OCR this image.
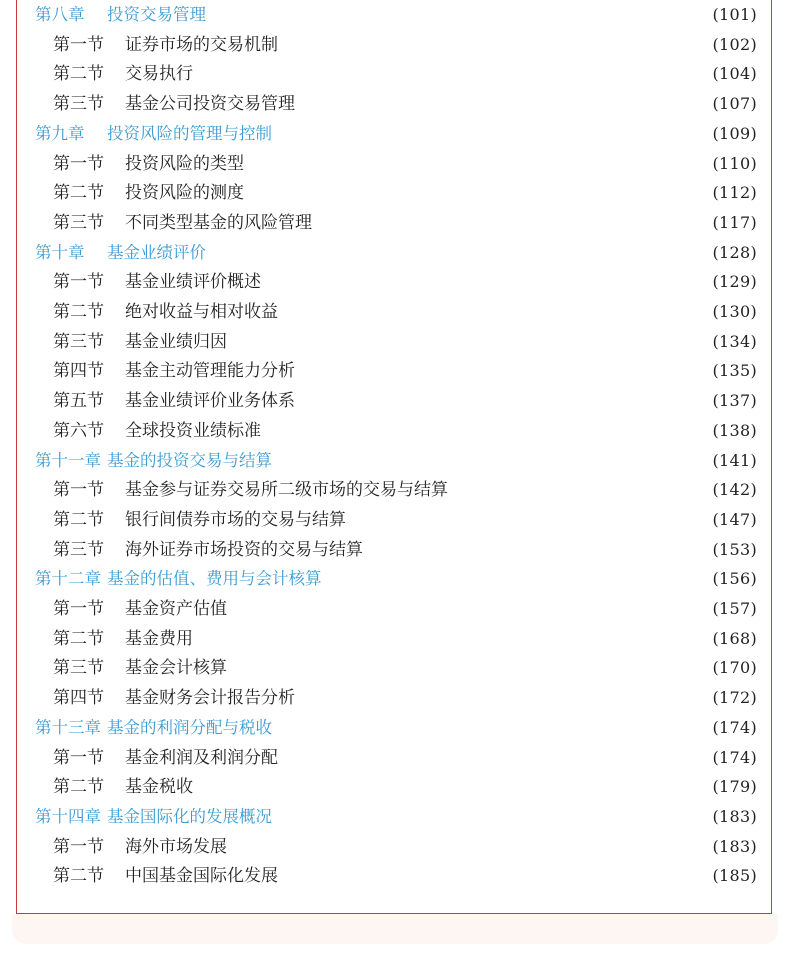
第八章	投资交易管理	(101)
第一节	证券市场的交易机制	(102)
第二节	交易执行	(104)
第三节	基金公司投资交易管理	(107)
第九章	投资风险的管理与控制	(109)
第一节	投资风险的类型	(110)
第二节	投资风险的测度	(112)
第三节	不同类型基金的风险管理	(117)
第十章	基金业绩评价	(128)
第一节	基金业绩评价概述	(129)
第二节	绝对收益与相对收益	(130)
第三节	基金业绩归因	(134)
第四节	基金主动管理能力分析	(135)
第五节	基金业绩评价业务体系	(137)
第六节	全球投资业绩标准	(138)
第十一章 基金的投资交易与结算	(141)
第一节	基金参与证券交易所二级市场的交易与结算	(142)
第二节	银行间债券市场的交易与结算	(147)
第三节	海外证券市场投资的交易与结算	(153)
第十二章 基金的估值、费用与会计核算	(156)
第一节	基金资产估值	(157)
第二节	基金费用	(168)
第三节	基金会计核算	(170)
第四节	基金财务会计报告分析	(172)
第十三章 基金的利润分配与税收	(174)
第一节	基金利润及利润分配	(174)
第二节	基金税收	(179)
第十四章 基金国际化的发展概况	(183)
第一节	海外市场发展	(183)
第二节	中国基金国际化发展	(185)
